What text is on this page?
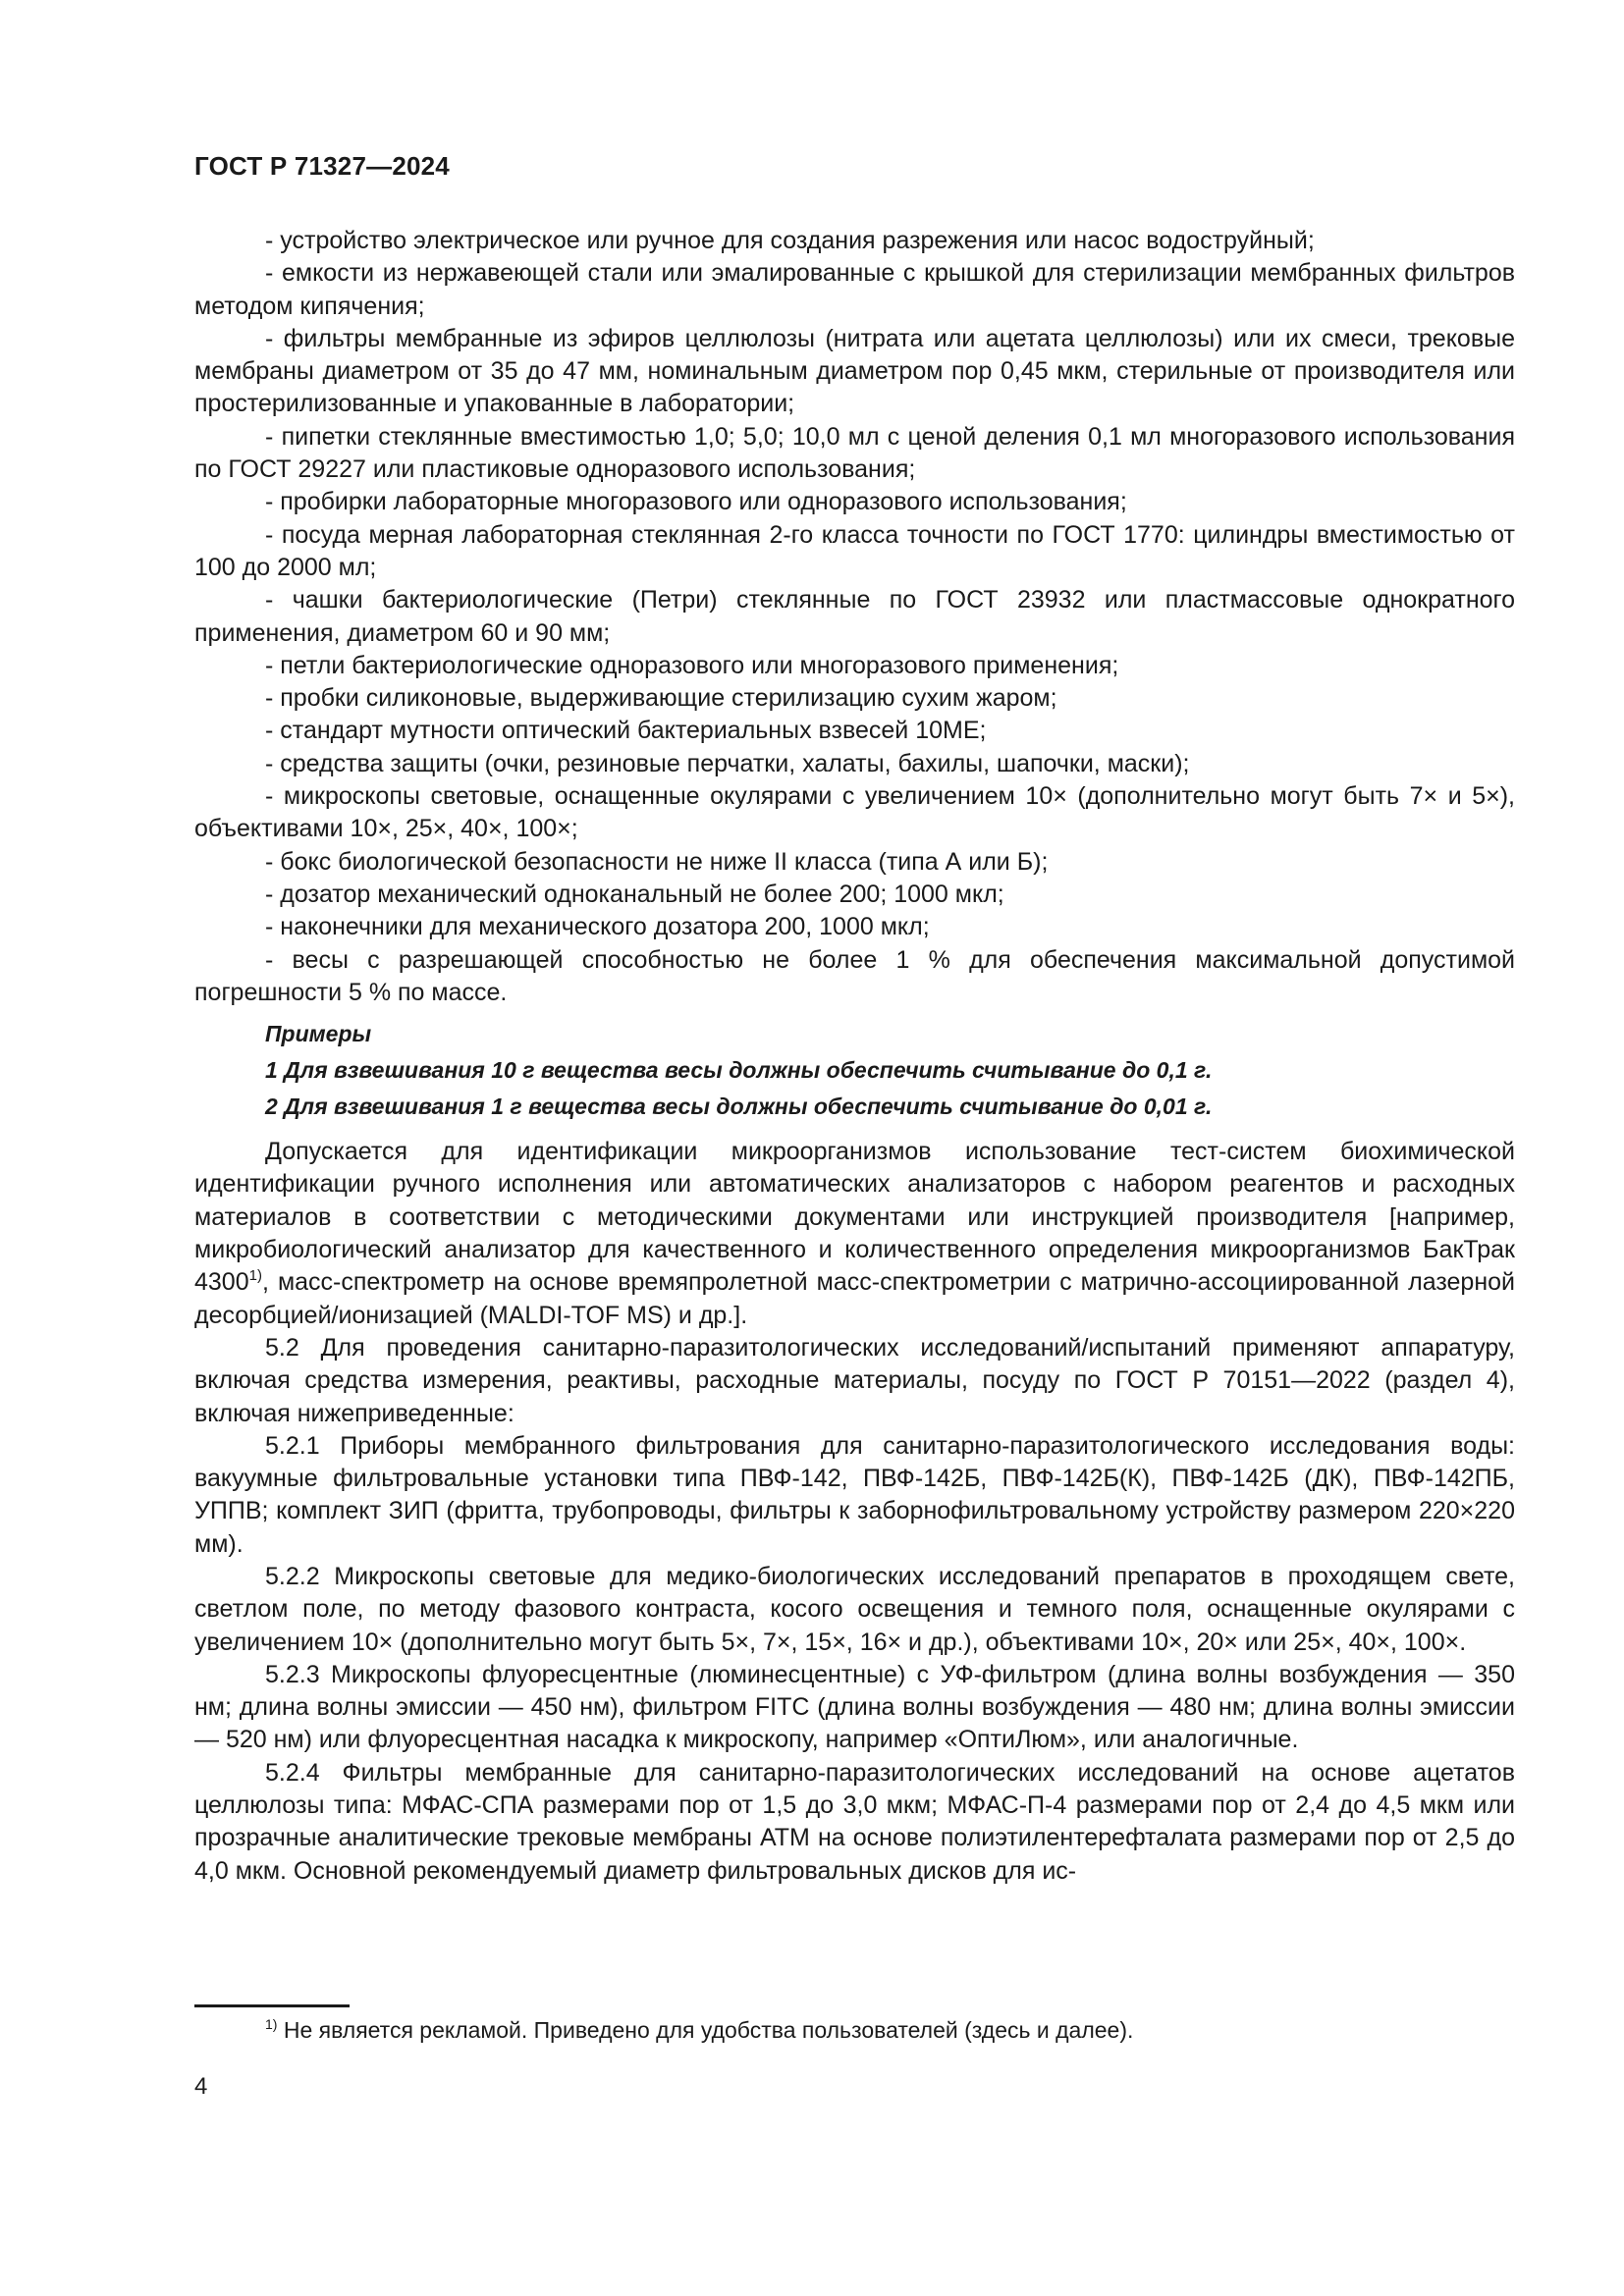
ГОСТ Р 71327—2024

- устройство электрическое или ручное для создания разрежения или насос водоструйный;

- емкости из нержавеющей стали или эмалированные с крышкой для стерилизации мембранных фильтров методом кипячения;

- фильтры мембранные из эфиров целлюлозы (нитрата или ацетата целлюлозы) или их смеси, трековые мембраны диаметром от 35 до 47 мм, номинальным диаметром пор 0,45 мкм, стерильные от производителя или простерилизованные и упакованные в лаборатории;

- пипетки стеклянные вместимостью 1,0; 5,0; 10,0 мл с ценой деления 0,1 мл многоразового использования по ГОСТ 29227 или пластиковые одноразового использования;

- пробирки лабораторные многоразового или одноразового использования;

- посуда мерная лабораторная стеклянная 2-го класса точности по ГОСТ 1770: цилиндры вместимостью от 100 до 2000 мл;

- чашки бактериологические (Петри) стеклянные по ГОСТ 23932 или пластмассовые однократного применения, диаметром 60 и 90 мм;

- петли бактериологические одноразового или многоразового применения;

- пробки силиконовые, выдерживающие стерилизацию сухим жаром;

- стандарт мутности оптический бактериальных взвесей 10МЕ;

- средства защиты (очки, резиновые перчатки, халаты, бахилы, шапочки, маски);

- микроскопы световые, оснащенные окулярами с увеличением 10× (дополнительно могут быть 7× и 5×), объективами 10×, 25×, 40×, 100×;

- бокс биологической безопасности не ниже II класса (типа А или Б);

- дозатор механический одноканальный не более 200; 1000 мкл;

- наконечники для механического дозатора 200, 1000 мкл;

- весы с разрешающей способностью не более 1 % для обеспечения максимальной допустимой погрешности 5 % по массе.

Примеры

1 Для взвешивания 10 г вещества весы должны обеспечить считывание до 0,1 г.

2 Для взвешивания 1 г вещества весы должны обеспечить считывание до 0,01 г.

Допускается для идентификации микроорганизмов использование тест-систем биохимической идентификации ручного исполнения или автоматических анализаторов с набором реагентов и расходных материалов в соответствии с методическими документами или инструкцией производителя [например, микробиологический анализатор для качественного и количественного определения микроорганизмов БакТрак 4300$^{1)}$, масс-спектрометр на основе времяпролетной масс-спектрометрии с матрично-ассоциированной лазерной десорбцией/ионизацией (MALDI-TOF MS) и др.].

5.2 Для проведения санитарно-паразитологических исследований/испытаний применяют аппаратуру, включая средства измерения, реактивы, расходные материалы, посуду по ГОСТ Р 70151—2022 (раздел 4), включая нижеприведенные:

5.2.1 Приборы мембранного фильтрования для санитарно-паразитологического исследования воды: вакуумные фильтровальные установки типа ПВФ-142, ПВФ-142Б, ПВФ-142Б(К), ПВФ-142Б (ДК), ПВФ-142ПБ, УППВ; комплект ЗИП (фритта, трубопроводы, фильтры к заборнофильтровальному устройству размером 220×220 мм).

5.2.2 Микроскопы световые для медико-биологических исследований препаратов в проходящем свете, светлом поле, по методу фазового контраста, косого освещения и темного поля, оснащенные окулярами с увеличением 10× (дополнительно могут быть 5×, 7×, 15×, 16× и др.), объективами 10×, 20× или 25×, 40×, 100×.

5.2.3 Микроскопы флуоресцентные (люминесцентные) с УФ-фильтром (длина волны возбуждения — 350 нм; длина волны эмиссии — 450 нм), фильтром FITC (длина волны возбуждения — 480 нм; длина волны эмиссии — 520 нм) или флуоресцентная насадка к микроскопу, например «ОптиЛюм», или аналогичные.

5.2.4 Фильтры мембранные для санитарно-паразитологических исследований на основе ацетатов целлюлозы типа: МФАС-СПА размерами пор от 1,5 до 3,0 мкм; МФАС-П-4 размерами пор от 2,4 до 4,5 мкм или прозрачные аналитические трековые мембраны АТМ на основе полиэтилентерефталата размерами пор от 2,5 до 4,0 мкм. Основной рекомендуемый диаметр фильтровальных дисков для ис-

$^{1)}$ Не является рекламой. Приведено для удобства пользователей (здесь и далее).
4
